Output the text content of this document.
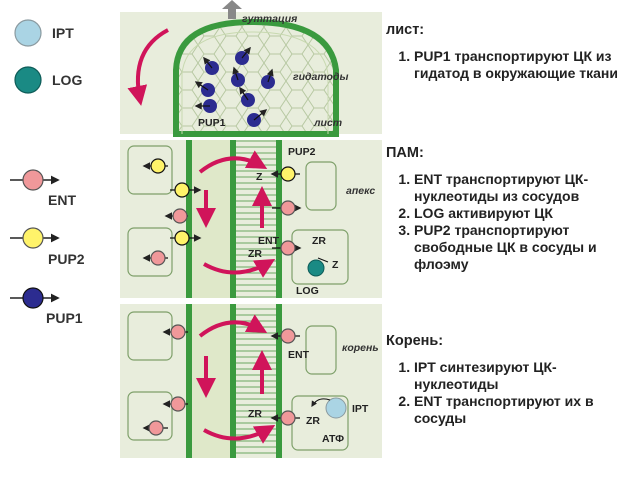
IPT
LOG
ENT
PUP2
PUP1
гуттация
гидатоды
лист
PUP1
PUP2
апекс
Z
ENT
ZR
ZR
Z
LOG
корень
ENT
ZR
ZR
IPT
АТФ
лист:
1. PUP1 транспортируют ЦК из гидатод в окружающие ткани
ПАМ:
1. ENT транспортируют ЦК-нуклеотиды из сосудов
2. LOG активируют ЦК
3. PUP2 транспортируют свободные ЦК в сосуды и флоэму
Корень:
1. IPT синтезируют ЦК-нуклеотиды
2. ENT транспортируют их в сосуды
